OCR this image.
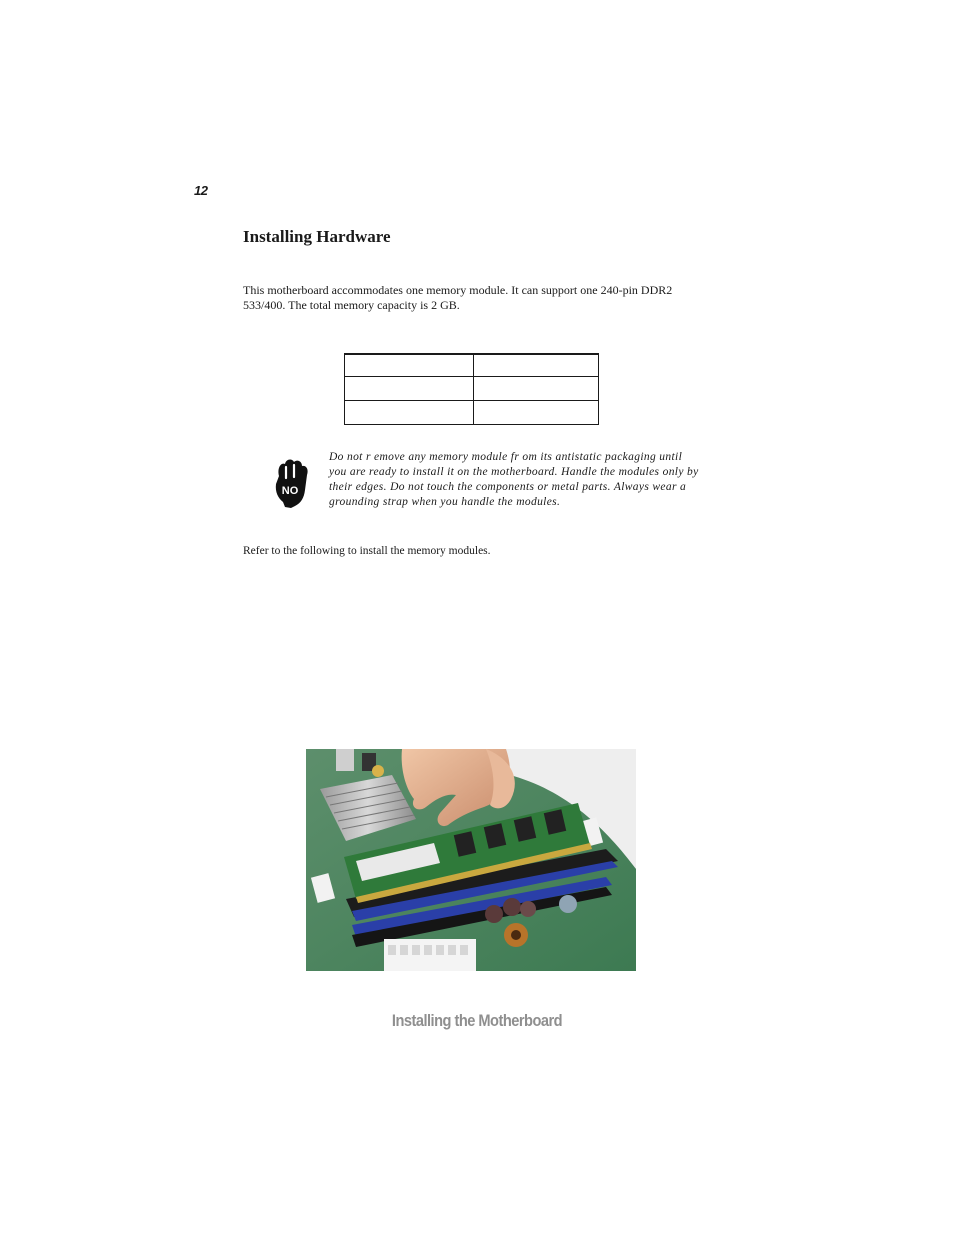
12
Installing Hardware

This motherboard accommodates one memory module. It can support one 240-pin DDR2 533/400. The total memory capacity is 2 GB.

NO

Do not r emove any memory module fr om its antistatic packaging until you are ready to install it on the motherboard. Handle the modules only by their edges. Do not touch the components or metal parts. Always wear a grounding strap when you handle the modules.

Refer to the following to install the memory modules.

Installing the Motherboard
